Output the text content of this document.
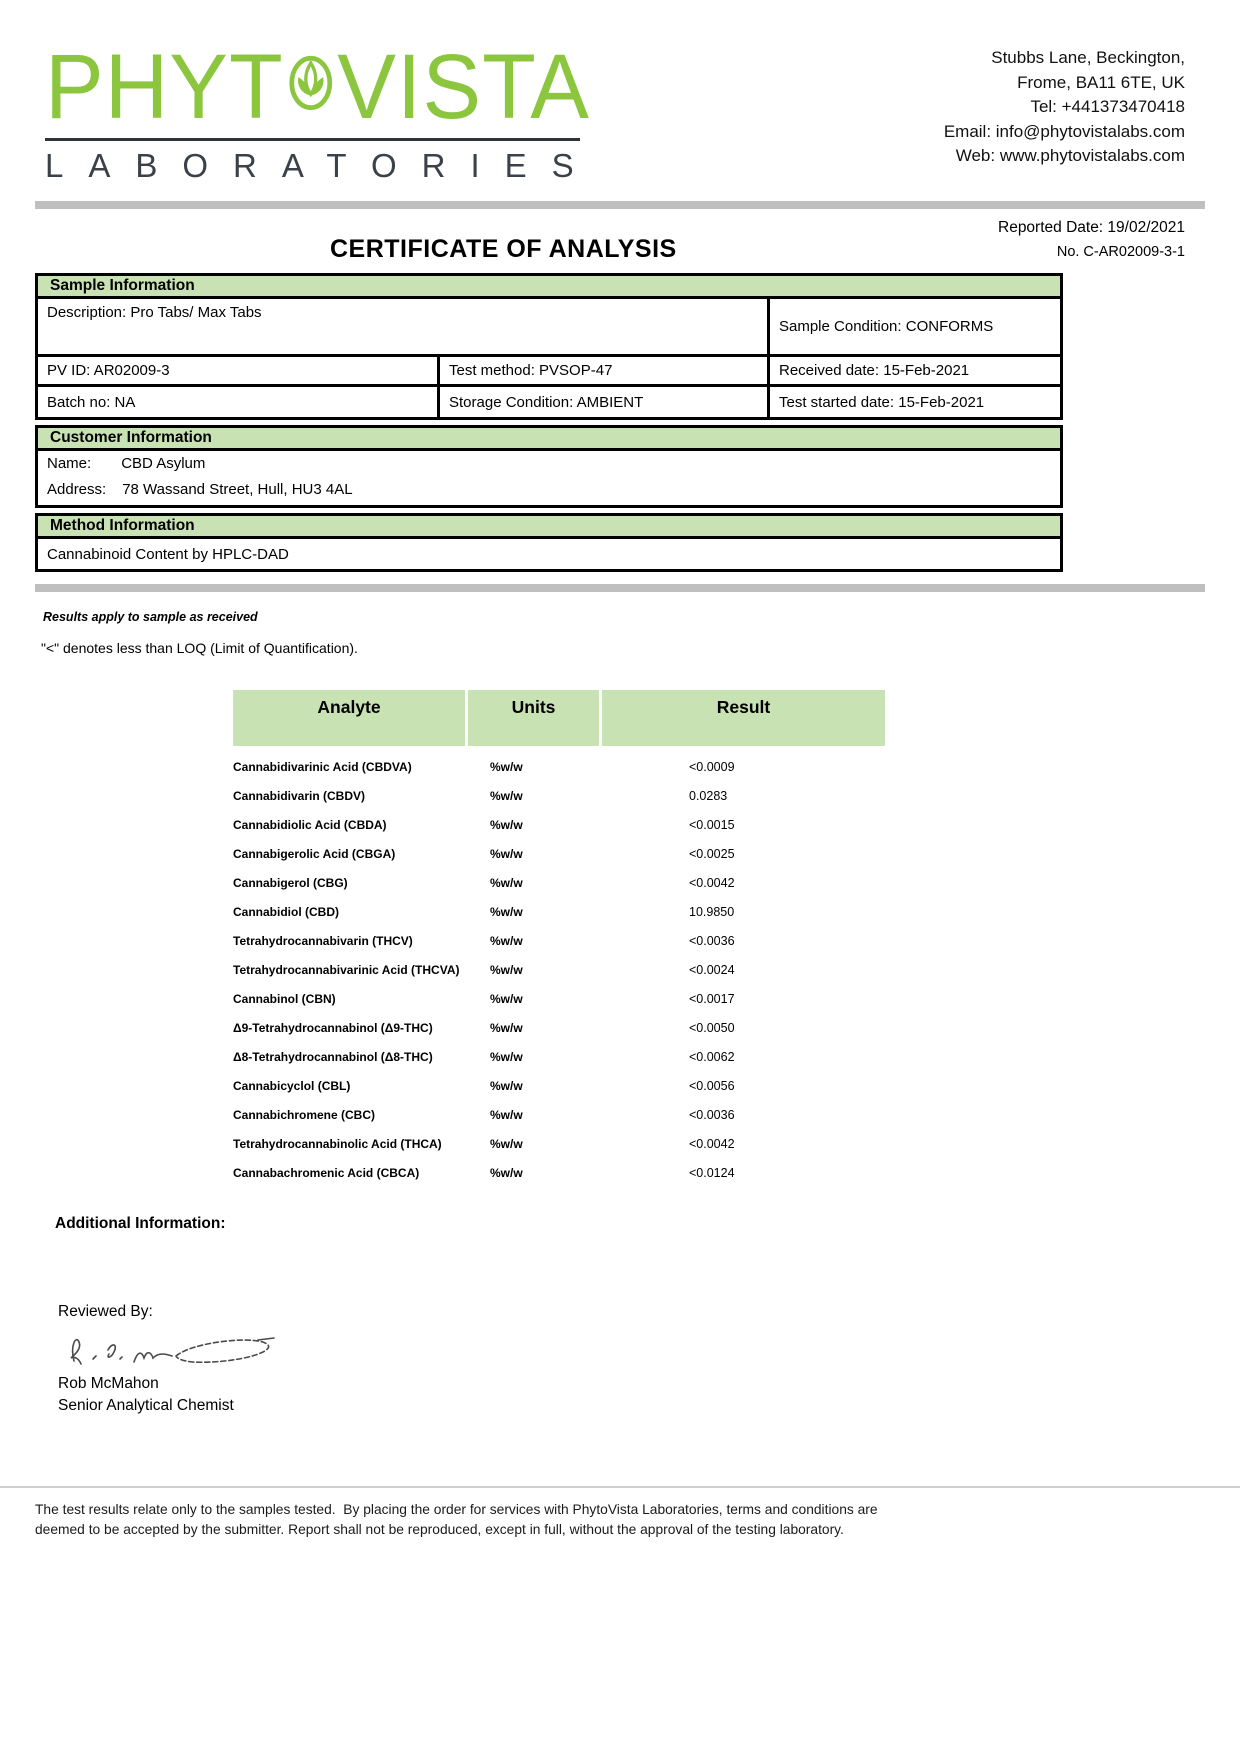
PHYT VISTA
LABORATORIES
Stubbs Lane, Beckington,
Frome, BA11 6TE, UK
Tel: +441373470418
Email: info@phytovistalabs.com
Web: www.phytovistalabs.com
CERTIFICATE OF ANALYSIS
Reported Date: 19/02/2021
No. C-AR02009-3-1
Sample Information
Description: Pro Tabs/ Max Tabs
Sample Condition: CONFORMS
PV ID: AR02009-3	Test method: PVSOP-47	Received date: 15-Feb-2021
Batch no: NA	Storage Condition: AMBIENT	Test started date: 15-Feb-2021
Customer Information
Name: CBD Asylum
Address: 78 Wassand Street, Hull, HU3 4AL
Method Information
Cannabinoid Content by HPLC-DAD
Results apply to sample as received
"<" denotes less than LOQ (Limit of Quantification).
Analyte	Units	Result
Cannabidivarinic Acid (CBDVA)	%w/w	<0.0009
Cannabidivarin (CBDV)	%w/w	0.0283
Cannabidiolic Acid (CBDA)	%w/w	<0.0015
Cannabigerolic Acid (CBGA)	%w/w	<0.0025
Cannabigerol (CBG)	%w/w	<0.0042
Cannabidiol (CBD)	%w/w	10.9850
Tetrahydrocannabivarin (THCV)	%w/w	<0.0036
Tetrahydrocannabivarinic Acid (THCVA)	%w/w	<0.0024
Cannabinol (CBN)	%w/w	<0.0017
Δ9-Tetrahydrocannabinol (Δ9-THC)	%w/w	<0.0050
Δ8-Tetrahydrocannabinol (Δ8-THC)	%w/w	<0.0062
Cannabicyclol (CBL)	%w/w	<0.0056
Cannabichromene (CBC)	%w/w	<0.0036
Tetrahydrocannabinolic Acid (THCA)	%w/w	<0.0042
Cannabachromenic Acid (CBCA)	%w/w	<0.0124
Additional Information:
Reviewed By:
Rob McMahon
Senior Analytical Chemist
The test results relate only to the samples tested.  By placing the order for services with PhytoVista Laboratories, terms and conditions are
deemed to be accepted by the submitter. Report shall not be reproduced, except in full, without the approval of the testing laboratory.
